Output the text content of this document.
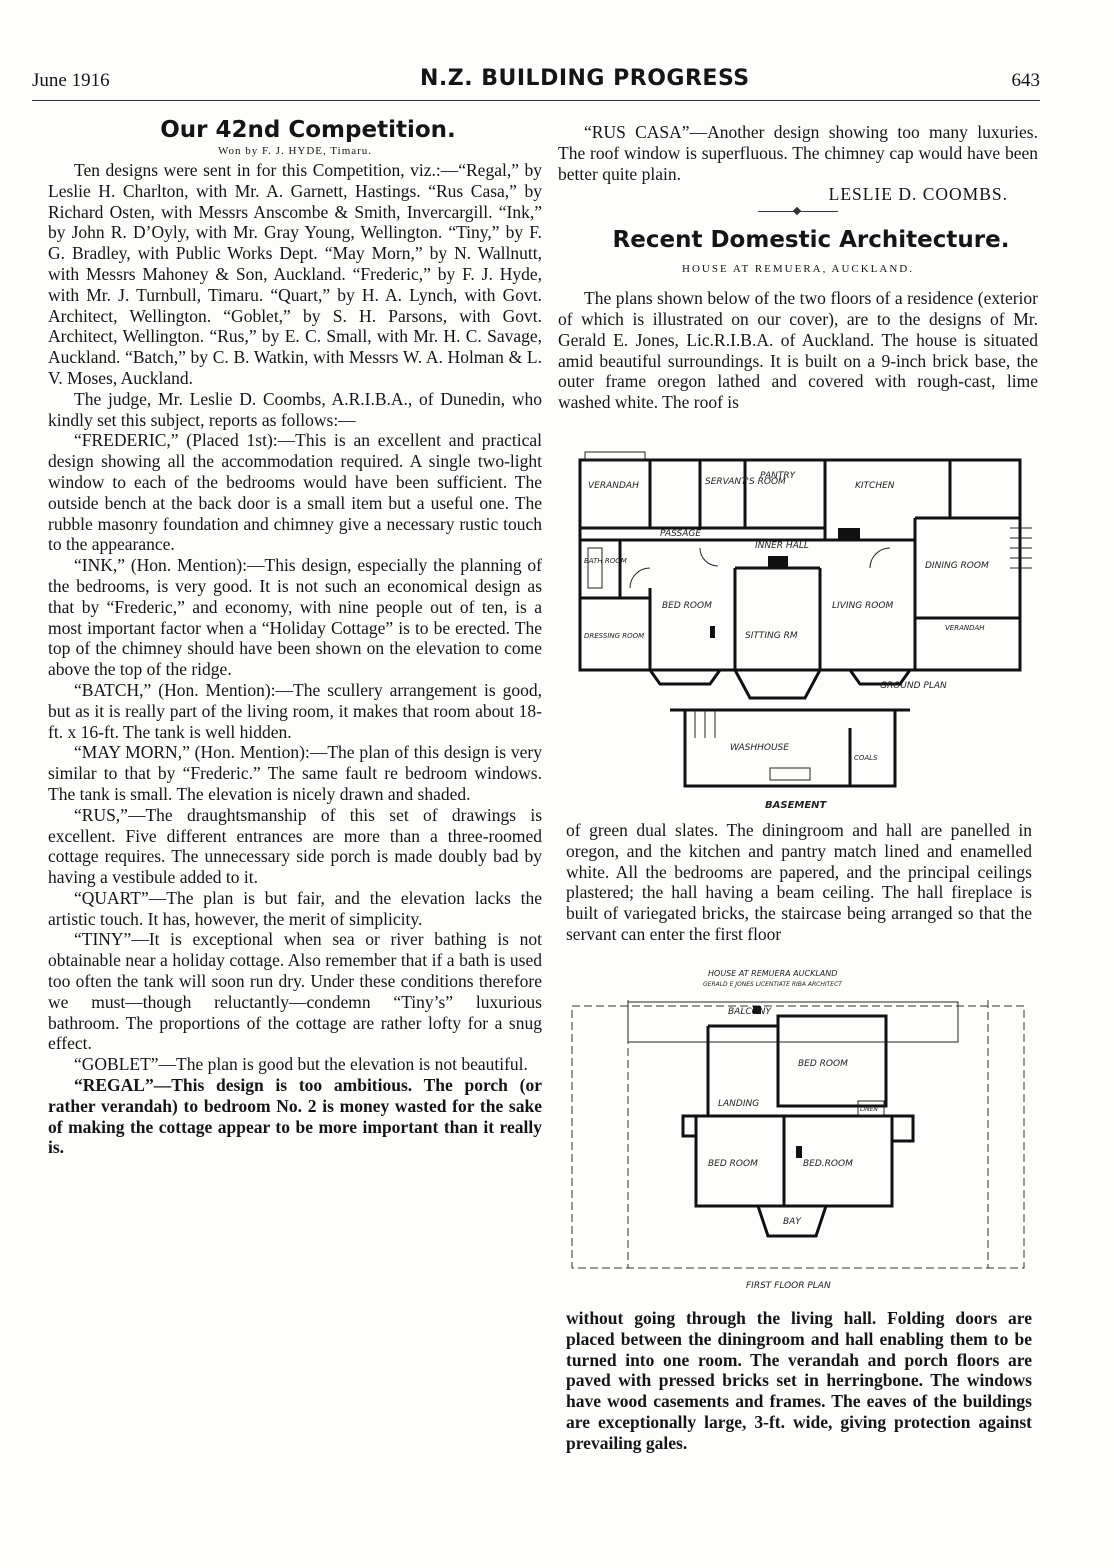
June 1916	N.Z. BUILDING PROGRESS	643

Our 42nd Competition.

Won by F. J. HYDE, Timaru.

Ten designs were sent in for this Competition, viz.:—“Regal,” by Leslie H. Charlton, with Mr. A. Garnett, Hastings. “Rus Casa,” by Richard Osten, with Messrs Anscombe & Smith, Invercargill. “Ink,” by John R. D’Oyly, with Mr. Gray Young, Wellington. “Tiny,” by F. G. Bradley, with Public Works Dept. “May Morn,” by N. Wallnutt, with Messrs Mahoney & Son, Auckland. “Frederic,” by F. J. Hyde, with Mr. J. Turnbull, Timaru. “Quart,” by H. A. Lynch, with Govt. Architect, Wellington. “Goblet,” by S. H. Parsons, with Govt. Architect, Wellington. “Rus,” by E. C. Small, with Mr. H. C. Savage, Auckland. “Batch,” by C. B. Watkin, with Messrs W. A. Holman & L. V. Moses, Auckland.

The judge, Mr. Leslie D. Coombs, A.R.I.B.A., of Dunedin, who kindly set this subject, reports as follows:—

“FREDERIC,” (Placed 1st):—This is an excellent and practical design showing all the accommodation required. A single two-light window to each of the bedrooms would have been sufficient. The outside bench at the back door is a small item but a useful one. The rubble masonry foundation and chimney give a necessary rustic touch to the appearance.

“INK,” (Hon. Mention):—This design, especially the planning of the bedrooms, is very good. It is not such an economical design as that by “Frederic,” and economy, with nine people out of ten, is a most important factor when a “Holiday Cottage” is to be erected. The top of the chimney should have been shown on the elevation to come above the top of the ridge.

“BATCH,” (Hon. Mention):—The scullery arrangement is good, but as it is really part of the living room, it makes that room about 18-ft. x 16-ft. The tank is well hidden.

“MAY MORN,” (Hon. Mention):—The plan of this design is very similar to that by “Frederic.” The same fault re bedroom windows. The tank is small. The elevation is nicely drawn and shaded.

“RUS,”—The draughtsmanship of this set of drawings is excellent. Five different entrances are more than a three-roomed cottage requires. The unnecessary side porch is made doubly bad by having a vestibule added to it.

“QUART”—The plan is but fair, and the elevation lacks the artistic touch. It has, however, the merit of simplicity.

“TINY”—It is exceptional when sea or river bathing is not obtainable near a holiday cottage. Also remember that if a bath is used too often the tank will soon run dry. Under these conditions therefore we must—though reluctantly—condemn “Tiny’s” luxurious bathroom. The proportions of the cottage are rather lofty for a snug effect.

“GOBLET”—The plan is good but the elevation is not beautiful.

“REGAL”—This design is too ambitious. The porch (or rather verandah) to bedroom No. 2 is money wasted for the sake of making the cottage appear to be more important than it really is.

“RUS CASA”—Another design showing too many luxuries. The roof window is superfluous. The chimney cap would have been better quite plain.

LESLIE D. COOMBS.

Recent Domestic Architecture.

HOUSE AT REMUERA, AUCKLAND.

The plans shown below of the two floors of a residence (exterior of which is illustrated on our cover), are to the designs of Mr. Gerald E. Jones, Lic.R.I.B.A. of Auckland. The house is situated amid beautiful surroundings. It is built on a 9-inch brick base, the outer frame oregon lathed and covered with rough-cast, lime washed white. The roof is

VERANDAH	SERVANT'S ROOM
PANTRY
KITCHEN
PASSAGE
INNER HALL
BATH ROOM	DINING ROOM
BED ROOM
SITTING RM
LIVING ROOM
DRESSING ROOM
VERANDAH
GROUND PLAN
WASHHOUSE
COALS
BASEMENT

of green dual slates. The diningroom and hall are panelled in oregon, and the kitchen and pantry match lined and enamelled white. All the bedrooms are papered, and the principal ceilings plastered; the hall having a beam ceiling. The hall fireplace is built of variegated bricks, the staircase being arranged so that the servant can enter the first floor

HOUSE AT REMUERA AUCKLAND
GERALD E JONES LICENTIATE RIBA ARCHITECT
BALCONY
BED ROOM
LANDING
LINEN
BED ROOM	BED.ROOM
BAY
FIRST FLOOR PLAN

without going through the living hall. Folding doors are placed between the diningroom and hall enabling them to be turned into one room. The verandah and porch floors are paved with pressed bricks set in herringbone. The windows have wood casements and frames. The eaves of the buildings are exceptionally large, 3-ft. wide, giving protection against prevailing gales.
